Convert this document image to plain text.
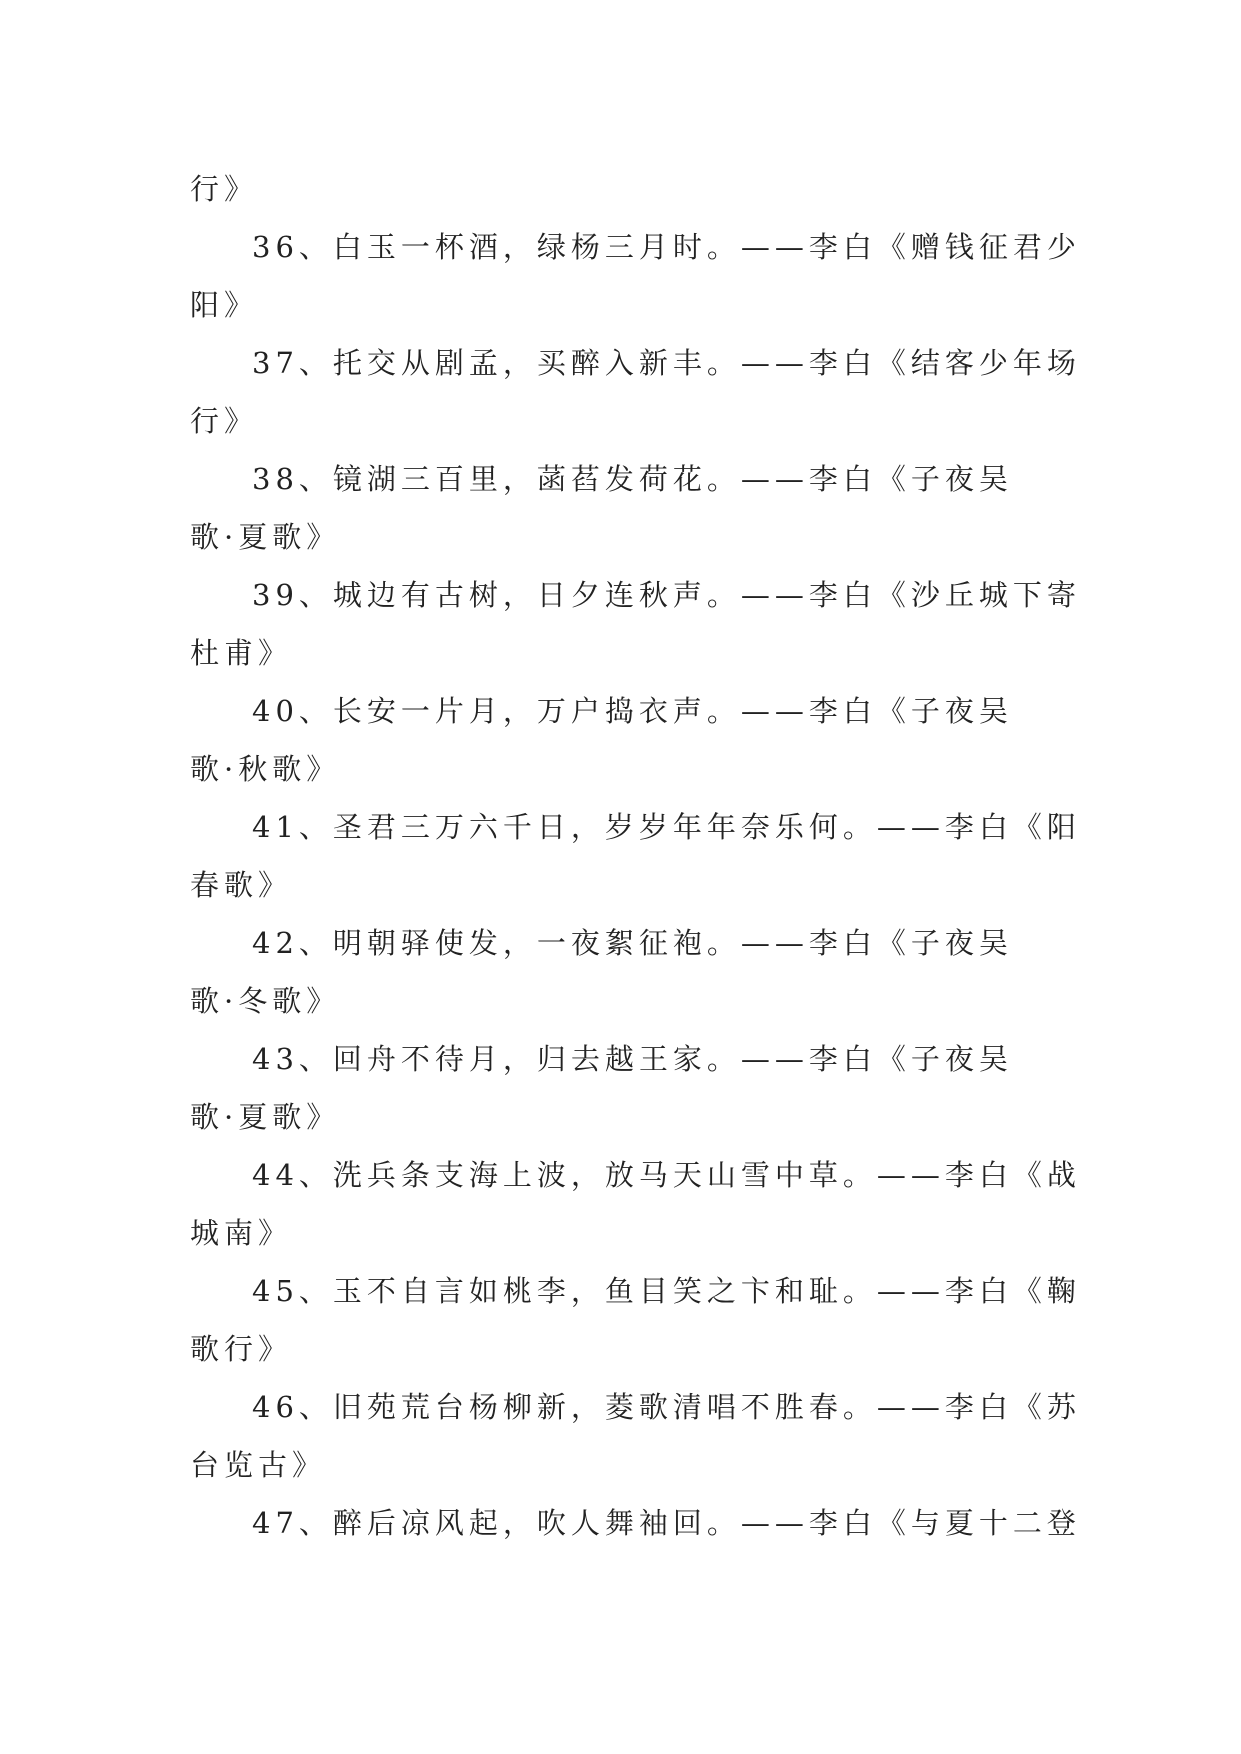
行》
36、白玉一杯酒，绿杨三月时。——李白《赠钱征君少
阳》
37、托交从剧孟，买醉入新丰。——李白《结客少年场
行》
38、镜湖三百里，菡萏发荷花。——李白《子夜吴
歌·夏歌》
39、城边有古树，日夕连秋声。——李白《沙丘城下寄
杜甫》
40、长安一片月，万户捣衣声。——李白《子夜吴
歌·秋歌》
41、圣君三万六千日，岁岁年年奈乐何。——李白《阳
春歌》
42、明朝驿使发，一夜絮征袍。——李白《子夜吴
歌·冬歌》
43、回舟不待月，归去越王家。——李白《子夜吴
歌·夏歌》
44、洗兵条支海上波，放马天山雪中草。——李白《战
城南》
45、玉不自言如桃李，鱼目笑之卞和耻。——李白《鞠
歌行》
46、旧苑荒台杨柳新，菱歌清唱不胜春。——李白《苏
台览古》
47、醉后凉风起，吹人舞袖回。——李白《与夏十二登
